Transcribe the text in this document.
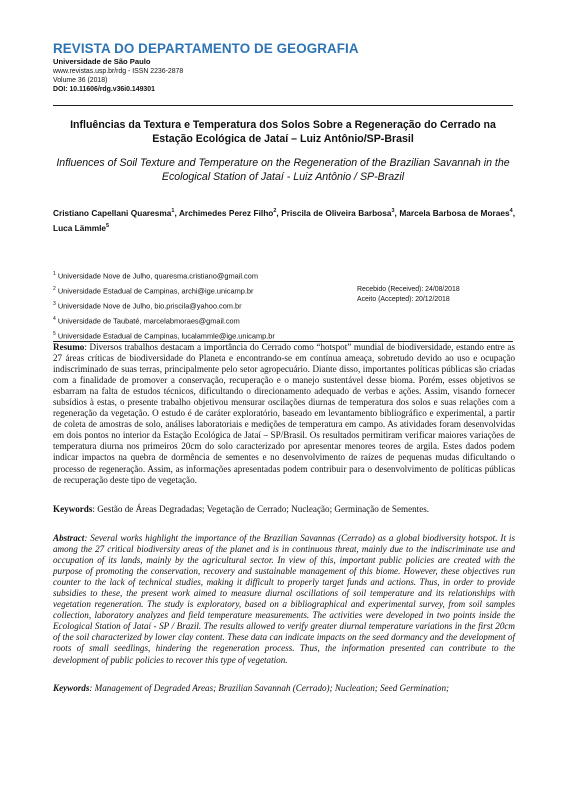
REVISTA DO DEPARTAMENTO DE GEOGRAFIA
Universidade de São Paulo
www.revistas.usp.br/rdg - ISSN 2236-2878
Volume 36 (2018)
DOI: 10.11606/rdg.v36i0.149301
Influências da Textura e Temperatura dos Solos Sobre a Regeneração do Cerrado na Estação Ecológica de Jataí – Luiz Antônio/SP-Brasil
Influences of Soil Texture and Temperature on the Regeneration of the Brazilian Savannah in the Ecological Station of Jataí - Luiz Antônio / SP-Brazil
Cristiano Capellani Quaresma$^1$, Archimedes Perez Filho$^2$, Priscila de Oliveira Barbosa$^3$, Marcela Barbosa de Moraes$^4$, Luca Lämmle$^5$
$^1$ Universidade Nove de Julho, quaresma.cristiano@gmail.com
$^2$ Universidade Estadual de Campinas, archi@ige.unicamp.br
$^3$ Universidade Nove de Julho, bio.priscila@yahoo.com.br
$^4$ Universidade de Taubaté, marcelabmoraes@gmail.com
$^5$ Universidade Estadual de Campinas, lucalammle@ige.unicamp.br
Recebido (Received): 24/08/2018
Aceito (Accepted): 20/12/2018
Resumo: Diversos trabalhos destacam a importância do Cerrado como “hotspot” mundial de biodiversidade, estando entre as 27 áreas críticas de biodiversidade do Planeta e encontrando-se em contínua ameaça, sobretudo devido ao uso e ocupação indiscriminado de suas terras, principalmente pelo setor agropecuário. Diante disso, importantes políticas públicas são criadas com a finalidade de promover a conservação, recuperação e o manejo sustentável desse bioma. Porém, esses objetivos se esbarram na falta de estudos técnicos, dificultando o direcionamento adequado de verbas e ações. Assim, visando fornecer subsídios à estas, o presente trabalho objetivou mensurar oscilações diurnas de temperatura dos solos e suas relações com a regeneração da vegetação. O estudo é de caráter exploratório, baseado em levantamento bibliográfico e experimental, a partir de coleta de amostras de solo, análises laboratoriais e medições de temperatura em campo. As atividades foram desenvolvidas em dois pontos no interior da Estação Ecológica de Jataí – SP/Brasil. Os resultados permitiram verificar maiores variações de temperatura diurna nos primeiros 20cm do solo caracterizado por apresentar menores teores de argila. Estes dados podem indicar impactos na quebra de dormência de sementes e no desenvolvimento de raízes de pequenas mudas dificultando o processo de regeneração. Assim, as informações apresentadas podem contribuir para o desenvolvimento de políticas públicas de recuperação deste tipo de vegetação.
Keywords: Gestão de Áreas Degradadas; Vegetação de Cerrado; Nucleação; Germinação de Sementes.
Abstract: Several works highlight the importance of the Brazilian Savannas (Cerrado) as a global biodiversity hotspot. It is among the 27 critical biodiversity areas of the planet and is in continuous threat, mainly due to the indiscriminate use and occupation of its lands, mainly by the agricultural sector. In view of this, important public policies are created with the purpose of promoting the conservation, recovery and sustainable management of this biome. However, these objectives run counter to the lack of technical studies, making it difficult to properly target funds and actions. Thus, in order to provide subsidies to these, the present work aimed to measure diurnal oscillations of soil temperature and its relationships with vegetation regeneration. The study is exploratory, based on a bibliographical and experimental survey, from soil samples collection, laboratory analyzes and field temperature measurements. The activities were developed in two points inside the Ecological Station of Jataí - SP / Brazil. The results allowed to verify greater diurnal temperature variations in the first 20cm of the soil characterized by lower clay content. These data can indicate impacts on the seed dormancy and the development of roots of small seedlings, hindering the regeneration process. Thus, the information presented can contribute to the development of public policies to recover this type of vegetation.
Keywords: Management of Degraded Areas; Brazilian Savannah (Cerrado); Nucleation; Seed Germination;
